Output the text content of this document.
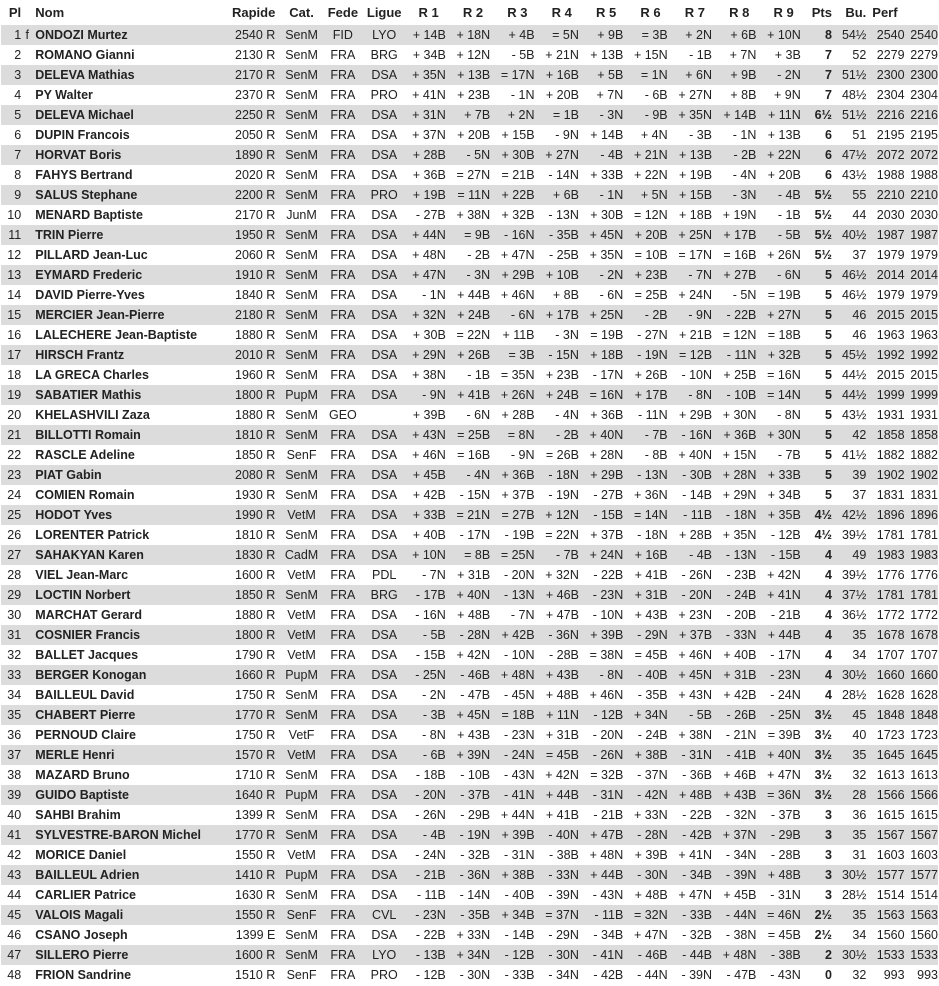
Pl		Nom	Rapide	Cat.	Fede	Ligue	R 1	R 2	R 3	R 4	R 5	R 6	R 7	R 8	R 9	Pts	Bu.	Perf	
1	f	ONDOZI Murtez	2540 R	SenM	FID	LYO	+ 14B	+ 18N	+ 4B	= 5N	+ 9B	= 3B	+ 2N	+ 6B	+ 10N	8	54½	2540	2540
2		ROMANO Gianni	2130 R	SenM	FRA	BRG	+ 34B	+ 12N	- 5B	+ 21N	+ 13B	+ 15N	- 1B	+ 7N	+ 3B	7	52	2279	2279
3		DELEVA Mathias	2170 R	SenM	FRA	DSA	+ 35N	+ 13B	= 17N	+ 16B	+ 5B	= 1N	+ 6N	+ 9B	- 2N	7	51½	2300	2300
4		PY Walter	2370 R	SenM	FRA	PRO	+ 41N	+ 23B	- 1N	+ 20B	+ 7N	- 6B	+ 27N	+ 8B	+ 9N	7	48½	2304	2304
5		DELEVA Michael	2250 R	SenM	FRA	DSA	+ 31N	+ 7B	+ 2N	= 1B	- 3N	- 9B	+ 35N	+ 14B	+ 11N	6½	51½	2216	2216
6		DUPIN Francois	2050 R	SenM	FRA	DSA	+ 37N	+ 20B	+ 15B	- 9N	+ 14B	+ 4N	- 3B	- 1N	+ 13B	6	51	2195	2195
7		HORVAT Boris	1890 R	SenM	FRA	DSA	+ 28B	- 5N	+ 30B	+ 27N	- 4B	+ 21N	+ 13B	- 2B	+ 22N	6	47½	2072	2072
8		FAHYS Bertrand	2020 R	SenM	FRA	DSA	+ 36B	= 27N	= 21B	- 14N	+ 33B	+ 22N	+ 19B	- 4N	+ 20B	6	43½	1988	1988
9		SALUS Stephane	2200 R	SenM	FRA	PRO	+ 19B	= 11N	+ 22B	+ 6B	- 1N	+ 5N	+ 15B	- 3N	- 4B	5½	55	2210	2210
10		MENARD Baptiste	2170 R	JunM	FRA	DSA	- 27B	+ 38N	+ 32B	- 13N	+ 30B	= 12N	+ 18B	+ 19N	- 1B	5½	44	2030	2030
11		TRIN Pierre	1950 R	SenM	FRA	DSA	+ 44N	= 9B	- 16N	- 35B	+ 45N	+ 20B	+ 25N	+ 17B	- 5B	5½	40½	1987	1987
12		PILLARD Jean-Luc	2060 R	SenM	FRA	DSA	+ 48N	- 2B	+ 47N	- 25B	+ 35N	= 10B	= 17N	= 16B	+ 26N	5½	37	1979	1979
13		EYMARD Frederic	1910 R	SenM	FRA	DSA	+ 47N	- 3N	+ 29B	+ 10B	- 2N	+ 23B	- 7N	+ 27B	- 6N	5	46½	2014	2014
14		DAVID Pierre-Yves	1840 R	SenM	FRA	DSA	- 1N	+ 44B	+ 46N	+ 8B	- 6N	= 25B	+ 24N	- 5N	= 19B	5	46½	1979	1979
15		MERCIER Jean-Pierre	2180 R	SenM	FRA	DSA	+ 32N	+ 24B	- 6N	+ 17B	+ 25N	- 2B	- 9N	- 22B	+ 27N	5	46	2015	2015
16		LALECHERE Jean-Baptiste	1880 R	SenM	FRA	DSA	+ 30B	= 22N	+ 11B	- 3N	= 19B	- 27N	+ 21B	= 12N	= 18B	5	46	1963	1963
17		HIRSCH Frantz	2010 R	SenM	FRA	DSA	+ 29N	+ 26B	= 3B	- 15N	+ 18B	- 19N	= 12B	- 11N	+ 32B	5	45½	1992	1992
18		LA GRECA Charles	1960 R	SenM	FRA	DSA	+ 38N	- 1B	= 35N	+ 23B	- 17N	+ 26B	- 10N	+ 25B	= 16N	5	44½	2015	2015
19		SABATIER Mathis	1800 R	PupM	FRA	DSA	- 9N	+ 41B	+ 26N	+ 24B	= 16N	+ 17B	- 8N	- 10B	= 14N	5	44½	1999	1999
20		KHELASHVILI Zaza	1880 R	SenM	GEO		+ 39B	- 6N	+ 28B	- 4N	+ 36B	- 11N	+ 29B	+ 30N	- 8N	5	43½	1931	1931
21		BILLOTTI Romain	1810 R	SenM	FRA	DSA	+ 43N	= 25B	= 8N	- 2B	+ 40N	- 7B	- 16N	+ 36B	+ 30N	5	42	1858	1858
22		RASCLE Adeline	1850 R	SenF	FRA	DSA	+ 46N	= 16B	- 9N	= 26B	+ 28N	- 8B	+ 40N	+ 15N	- 7B	5	41½	1882	1882
23		PIAT Gabin	2080 R	SenM	FRA	DSA	+ 45B	- 4N	+ 36B	- 18N	+ 29B	- 13N	- 30B	+ 28N	+ 33B	5	39	1902	1902
24		COMIEN Romain	1930 R	SenM	FRA	DSA	+ 42B	- 15N	+ 37B	- 19N	- 27B	+ 36N	- 14B	+ 29N	+ 34B	5	37	1831	1831
25		HODOT Yves	1990 R	VetM	FRA	DSA	+ 33B	= 21N	= 27B	+ 12N	- 15B	= 14N	- 11B	- 18N	+ 35B	4½	42½	1896	1896
26		LORENTER Patrick	1810 R	SenM	FRA	DSA	+ 40B	- 17N	- 19B	= 22N	+ 37B	- 18N	+ 28B	+ 35N	- 12B	4½	39½	1781	1781
27		SAHAKYAN Karen	1830 R	CadM	FRA	DSA	+ 10N	= 8B	= 25N	- 7B	+ 24N	+ 16B	- 4B	- 13N	- 15B	4	49	1983	1983
28		VIEL Jean-Marc	1600 R	VetM	FRA	PDL	- 7N	+ 31B	- 20N	+ 32N	- 22B	+ 41B	- 26N	- 23B	+ 42N	4	39½	1776	1776
29		LOCTIN Norbert	1850 R	SenM	FRA	BRG	- 17B	+ 40N	- 13N	+ 46B	- 23N	+ 31B	- 20N	- 24B	+ 41N	4	37½	1781	1781
30		MARCHAT Gerard	1880 R	VetM	FRA	DSA	- 16N	+ 48B	- 7N	+ 47B	- 10N	+ 43B	+ 23N	- 20B	- 21B	4	36½	1772	1772
31		COSNIER Francis	1800 R	VetM	FRA	DSA	- 5B	- 28N	+ 42B	- 36N	+ 39B	- 29N	+ 37B	- 33N	+ 44B	4	35	1678	1678
32		BALLET Jacques	1790 R	VetM	FRA	DSA	- 15B	+ 42N	- 10N	- 28B	= 38N	= 45B	+ 46N	+ 40B	- 17N	4	34	1707	1707
33		BERGER Konogan	1660 R	PupM	FRA	DSA	- 25N	- 46B	+ 48N	+ 43B	- 8N	- 40B	+ 45N	+ 31B	- 23N	4	30½	1660	1660
34		BAILLEUL David	1750 R	SenM	FRA	DSA	- 2N	- 47B	- 45N	+ 48B	+ 46N	- 35B	+ 43N	+ 42B	- 24N	4	28½	1628	1628
35		CHABERT Pierre	1770 R	SenM	FRA	DSA	- 3B	+ 45N	= 18B	+ 11N	- 12B	+ 34N	- 5B	- 26B	- 25N	3½	45	1848	1848
36		PERNOUD Claire	1750 R	VetF	FRA	DSA	- 8N	+ 43B	- 23N	+ 31B	- 20N	- 24B	+ 38N	- 21N	= 39B	3½	40	1723	1723
37		MERLE Henri	1570 R	VetM	FRA	DSA	- 6B	+ 39N	- 24N	= 45B	- 26N	+ 38B	- 31N	- 41B	+ 40N	3½	35	1645	1645
38		MAZARD Bruno	1710 R	SenM	FRA	DSA	- 18B	- 10B	- 43N	+ 42N	= 32B	- 37N	- 36B	+ 46B	+ 47N	3½	32	1613	1613
39		GUIDO Baptiste	1640 R	PupM	FRA	DSA	- 20N	- 37B	- 41N	+ 44B	- 31N	- 42N	+ 48B	+ 43B	= 36N	3½	28	1566	1566
40		SAHBI Brahim	1399 R	SenM	FRA	DSA	- 26N	- 29B	+ 44N	+ 41B	- 21B	+ 33N	- 22B	- 32N	- 37B	3	36	1615	1615
41		SYLVESTRE-BARON Michel	1770 R	SenM	FRA	DSA	- 4B	- 19N	+ 39B	- 40N	+ 47B	- 28N	- 42B	+ 37N	- 29B	3	35	1567	1567
42		MORICE Daniel	1550 R	VetM	FRA	DSA	- 24N	- 32B	- 31N	- 38B	+ 48N	+ 39B	+ 41N	- 34N	- 28B	3	31	1603	1603
43		BAILLEUL Adrien	1410 R	PupM	FRA	DSA	- 21B	- 36N	+ 38B	- 33N	+ 44B	- 30N	- 34B	- 39N	+ 48B	3	30½	1577	1577
44		CARLIER Patrice	1630 R	SenM	FRA	DSA	- 11B	- 14N	- 40B	- 39N	- 43N	+ 48B	+ 47N	+ 45B	- 31N	3	28½	1514	1514
45		VALOIS Magali	1550 R	SenF	FRA	CVL	- 23N	- 35B	+ 34B	= 37N	- 11B	= 32N	- 33B	- 44N	= 46N	2½	35	1563	1563
46		CSANO Joseph	1399 E	SenM	FRA	DSA	- 22B	+ 33N	- 14B	- 29N	- 34B	+ 47N	- 32B	- 38N	= 45B	2½	34	1560	1560
47		SILLERO Pierre	1600 R	SenM	FRA	LYO	- 13B	+ 34N	- 12B	- 30N	- 41N	- 46B	- 44B	+ 48N	- 38B	2	30½	1533	1533
48		FRION Sandrine	1510 R	SenF	FRA	PRO	- 12B	- 30N	- 33B	- 34N	- 42B	- 44N	- 39N	- 47B	- 43N	0	32	993	993
